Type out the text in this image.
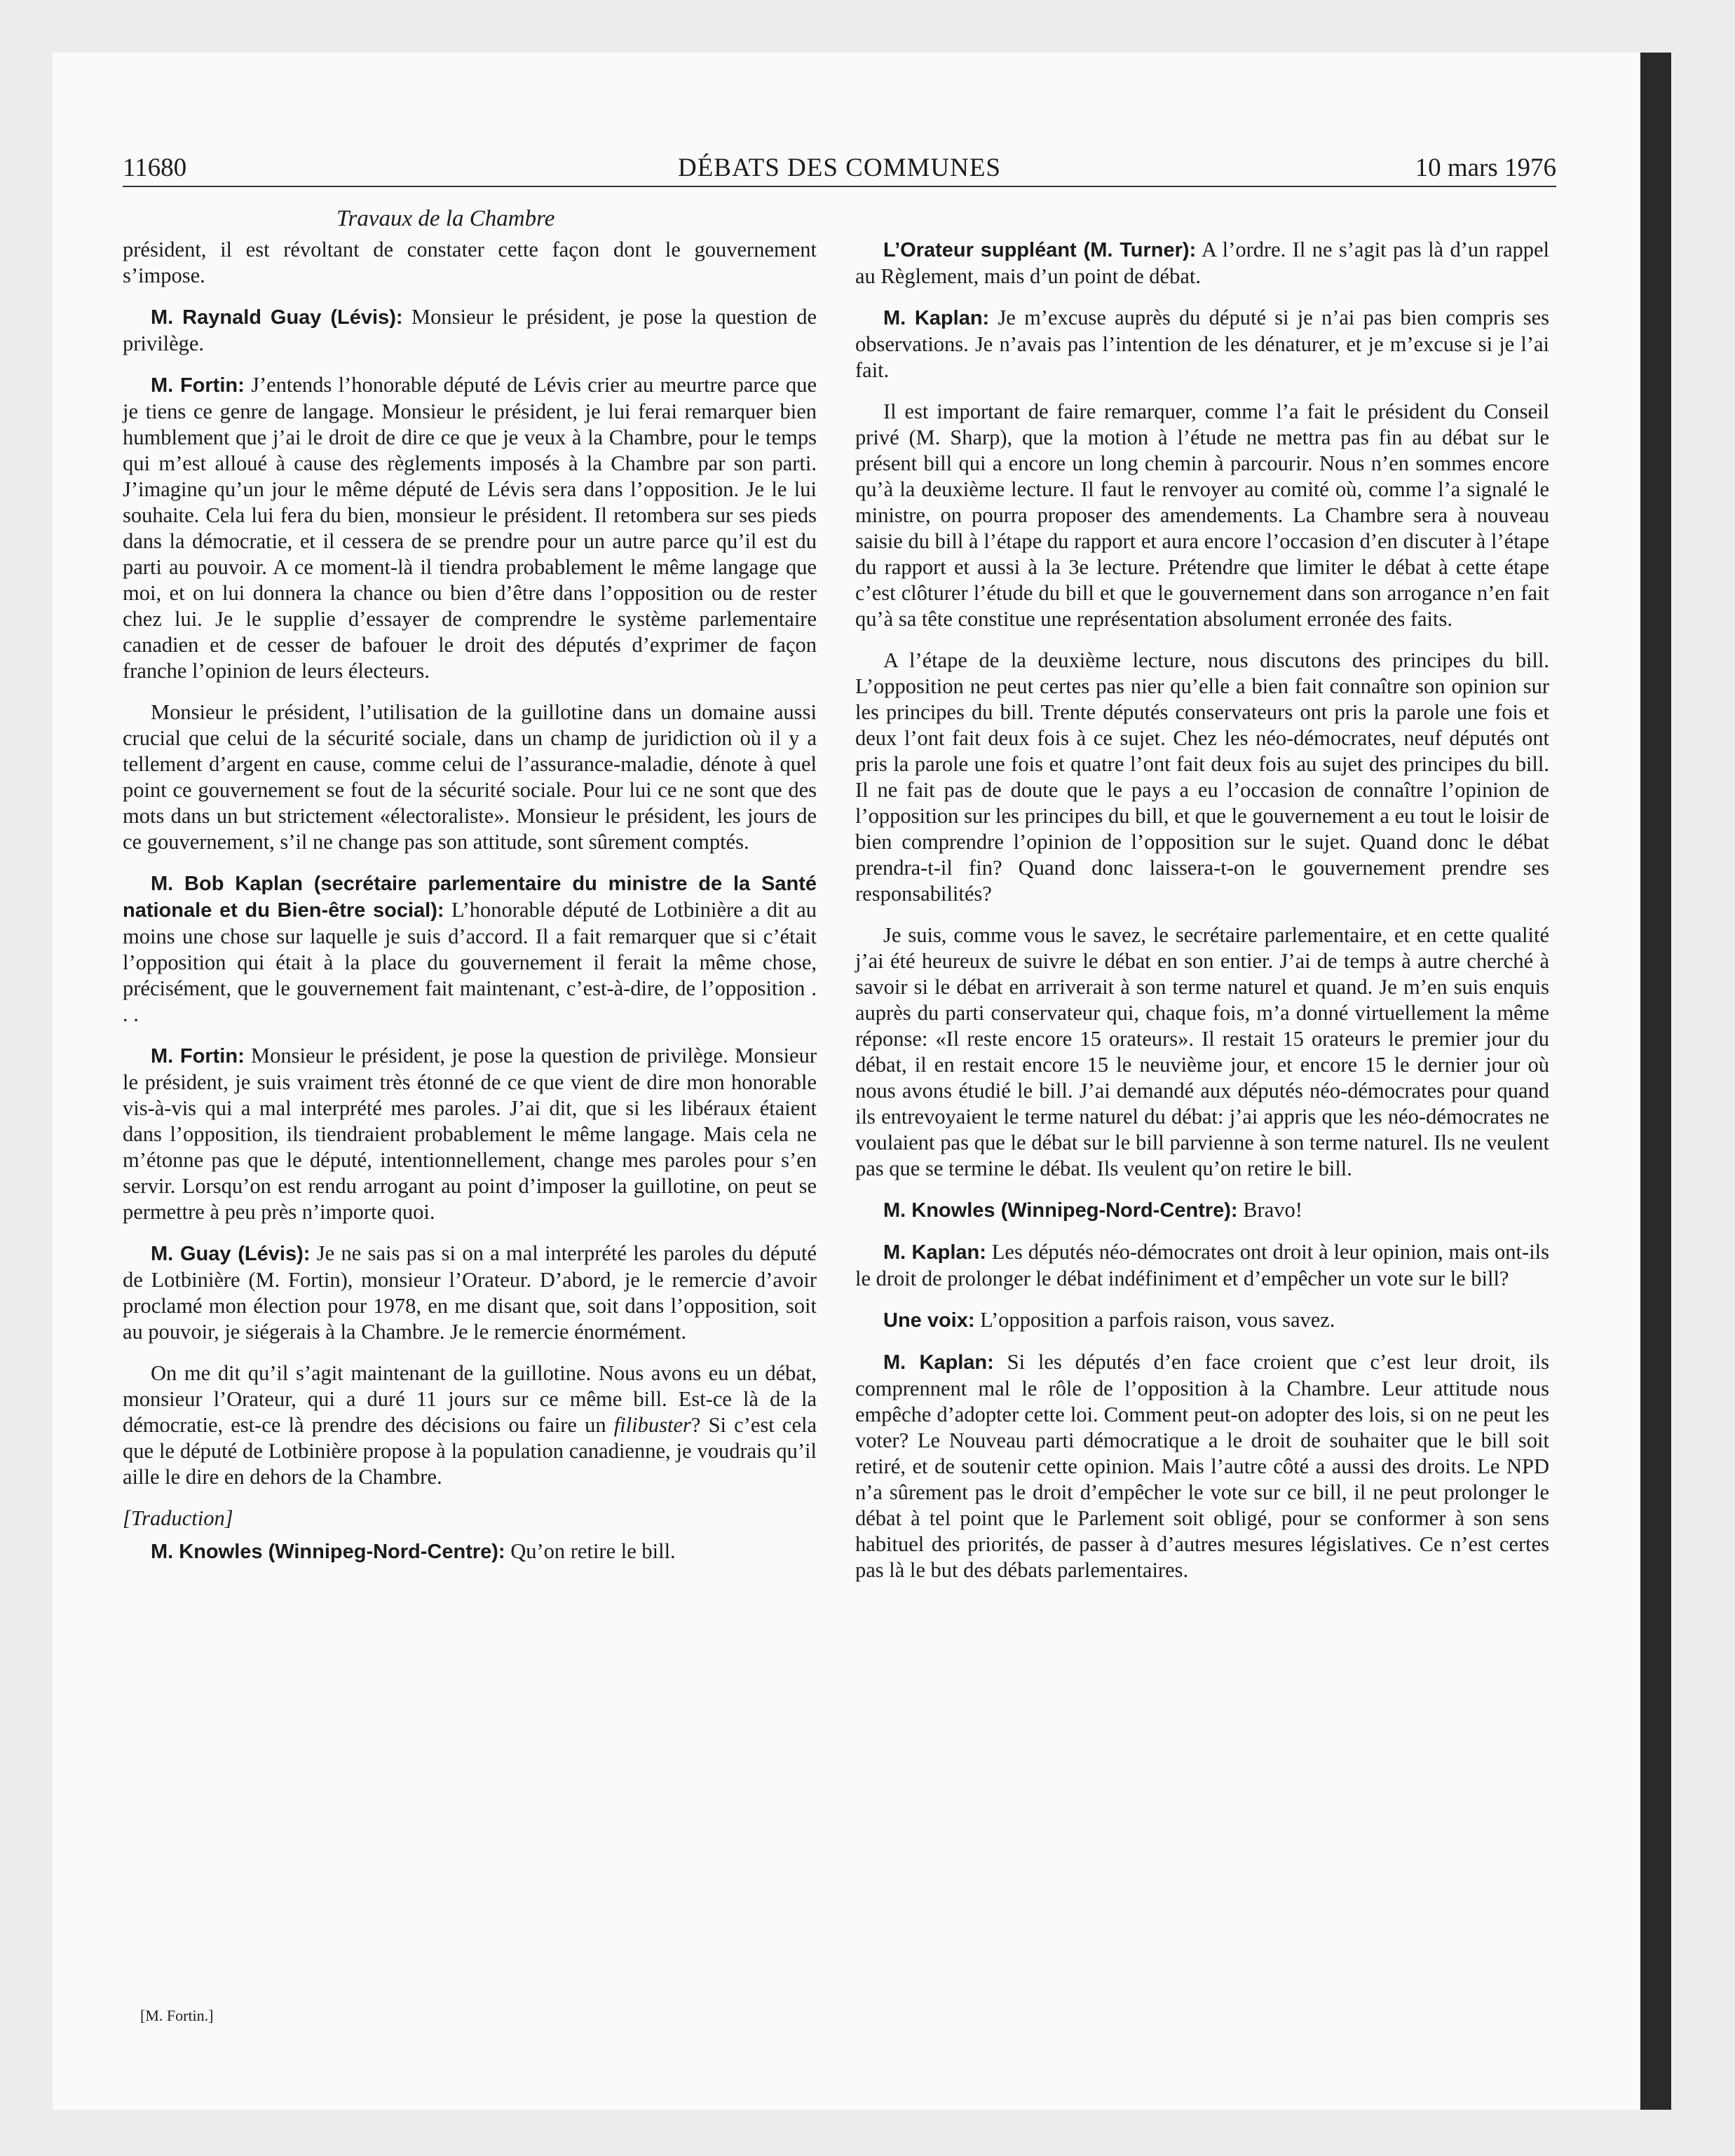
11680	DÉBATS DES COMMUNES	10 mars 1976
Travaux de la Chambre

président, il est révoltant de constater cette façon dont le gouvernement s’impose.

M. Raynald Guay (Lévis): Monsieur le président, je pose la question de privilège.

M. Fortin: J’entends l’honorable député de Lévis crier au meurtre parce que je tiens ce genre de langage. Monsieur le président, je lui ferai remarquer bien humblement que j’ai le droit de dire ce que je veux à la Chambre, pour le temps qui m’est alloué à cause des règlements imposés à la Chambre par son parti. J’imagine qu’un jour le même député de Lévis sera dans l’opposition. Je le lui souhaite. Cela lui fera du bien, monsieur le président. Il retombera sur ses pieds dans la démocratie, et il cessera de se prendre pour un autre parce qu’il est du parti au pouvoir. A ce moment-là il tiendra probablement le même langage que moi, et on lui donnera la chance ou bien d’être dans l’opposition ou de rester chez lui. Je le supplie d’essayer de comprendre le système parlementaire canadien et de cesser de bafouer le droit des députés d’exprimer de façon franche l’opinion de leurs électeurs.

Monsieur le président, l’utilisation de la guillotine dans un domaine aussi crucial que celui de la sécurité sociale, dans un champ de juridiction où il y a tellement d’argent en cause, comme celui de l’assurance-maladie, dénote à quel point ce gouvernement se fout de la sécurité sociale. Pour lui ce ne sont que des mots dans un but strictement «électoraliste». Monsieur le président, les jours de ce gouvernement, s’il ne change pas son attitude, sont sûrement comptés.

M. Bob Kaplan (secrétaire parlementaire du ministre de la Santé nationale et du Bien-être social): L’honorable député de Lotbinière a dit au moins une chose sur laquelle je suis d’accord. Il a fait remarquer que si c’était l’opposition qui était à la place du gouvernement il ferait la même chose, précisément, que le gouvernement fait maintenant, c’est-à-dire, de l’opposition . . .

M. Fortin: Monsieur le président, je pose la question de privilège. Monsieur le président, je suis vraiment très étonné de ce que vient de dire mon honorable vis-à-vis qui a mal interprété mes paroles. J’ai dit, que si les libéraux étaient dans l’opposition, ils tiendraient probablement le même langage. Mais cela ne m’étonne pas que le député, intentionnellement, change mes paroles pour s’en servir. Lorsqu’on est rendu arrogant au point d’imposer la guillotine, on peut se permettre à peu près n’importe quoi.

M. Guay (Lévis): Je ne sais pas si on a mal interprété les paroles du député de Lotbinière (M. Fortin), monsieur l’Orateur. D’abord, je le remercie d’avoir proclamé mon élection pour 1978, en me disant que, soit dans l’opposition, soit au pouvoir, je siégerais à la Chambre. Je le remercie énormément.

On me dit qu’il s’agit maintenant de la guillotine. Nous avons eu un débat, monsieur l’Orateur, qui a duré 11 jours sur ce même bill. Est-ce là de la démocratie, est-ce là prendre des décisions ou faire un filibuster? Si c’est cela que le député de Lotbinière propose à la population canadienne, je voudrais qu’il aille le dire en dehors de la Chambre.

[Traduction]

M. Knowles (Winnipeg-Nord-Centre): Qu’on retire le bill.

L’Orateur suppléant (M. Turner): A l’ordre. Il ne s’agit pas là d’un rappel au Règlement, mais d’un point de débat.

M. Kaplan: Je m’excuse auprès du député si je n’ai pas bien compris ses observations. Je n’avais pas l’intention de les dénaturer, et je m’excuse si je l’ai fait.

Il est important de faire remarquer, comme l’a fait le président du Conseil privé (M. Sharp), que la motion à l’étude ne mettra pas fin au débat sur le présent bill qui a encore un long chemin à parcourir. Nous n’en sommes encore qu’à la deuxième lecture. Il faut le renvoyer au comité où, comme l’a signalé le ministre, on pourra proposer des amendements. La Chambre sera à nouveau saisie du bill à l’étape du rapport et aura encore l’occasion d’en discuter à l’étape du rapport et aussi à la 3e lecture. Prétendre que limiter le débat à cette étape c’est clôturer l’étude du bill et que le gouvernement dans son arrogance n’en fait qu’à sa tête constitue une représentation absolument erronée des faits.

A l’étape de la deuxième lecture, nous discutons des principes du bill. L’opposition ne peut certes pas nier qu’elle a bien fait connaître son opinion sur les principes du bill. Trente députés conservateurs ont pris la parole une fois et deux l’ont fait deux fois à ce sujet. Chez les néo-démocrates, neuf députés ont pris la parole une fois et quatre l’ont fait deux fois au sujet des principes du bill. Il ne fait pas de doute que le pays a eu l’occasion de connaître l’opinion de l’opposition sur les principes du bill, et que le gouvernement a eu tout le loisir de bien comprendre l’opinion de l’opposition sur le sujet. Quand donc le débat prendra-t-il fin? Quand donc laissera-t-on le gouvernement prendre ses responsabilités?

Je suis, comme vous le savez, le secrétaire parlementaire, et en cette qualité j’ai été heureux de suivre le débat en son entier. J’ai de temps à autre cherché à savoir si le débat en arriverait à son terme naturel et quand. Je m’en suis enquis auprès du parti conservateur qui, chaque fois, m’a donné virtuellement la même réponse: «Il reste encore 15 orateurs». Il restait 15 orateurs le premier jour du débat, il en restait encore 15 le neuvième jour, et encore 15 le dernier jour où nous avons étudié le bill. J’ai demandé aux députés néo-démocrates pour quand ils entrevoyaient le terme naturel du débat: j’ai appris que les néo-démocrates ne voulaient pas que le débat sur le bill parvienne à son terme naturel. Ils ne veulent pas que se termine le débat. Ils veulent qu’on retire le bill.

M. Knowles (Winnipeg-Nord-Centre): Bravo!

M. Kaplan: Les députés néo-démocrates ont droit à leur opinion, mais ont-ils le droit de prolonger le débat indéfiniment et d’empêcher un vote sur le bill?

Une voix: L’opposition a parfois raison, vous savez.

M. Kaplan: Si les députés d’en face croient que c’est leur droit, ils comprennent mal le rôle de l’opposition à la Chambre. Leur attitude nous empêche d’adopter cette loi. Comment peut-on adopter des lois, si on ne peut les voter? Le Nouveau parti démocratique a le droit de souhaiter que le bill soit retiré, et de soutenir cette opinion. Mais l’autre côté a aussi des droits. Le NPD n’a sûrement pas le droit d’empêcher le vote sur ce bill, il ne peut prolonger le débat à tel point que le Parlement soit obligé, pour se conformer à son sens habituel des priorités, de passer à d’autres mesures législatives. Ce n’est certes pas là le but des débats parlementaires.

[M. Fortin.]
